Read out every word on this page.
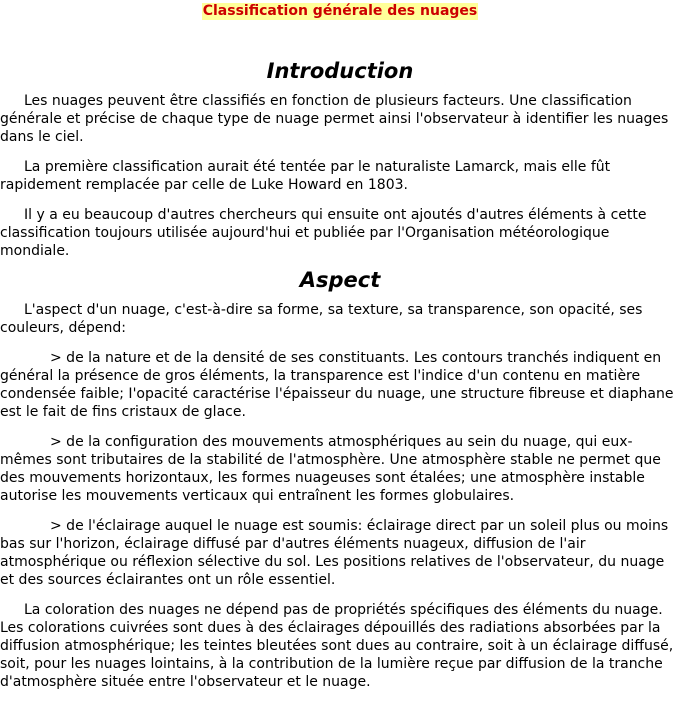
Classification générale des nuages
Introduction

Les nuages peuvent être classifiés en fonction de plusieurs facteurs. Une classification générale et précise de chaque type de nuage permet ainsi l'observateur à identifier les nuages dans le ciel.

La première classification aurait été tentée par le naturaliste Lamarck, mais elle fût rapidement remplacée par celle de Luke Howard en 1803.

Il y a eu beaucoup d'autres chercheurs qui ensuite ont ajoutés d'autres éléments à cette classification toujours utilisée aujourd'hui et publiée par l'Organisation météorologique mondiale.

Aspect

L'aspect d'un nuage, c'est-à-dire sa forme, sa texture, sa transparence, son opacité, ses couleurs, dépend:

> de la nature et de la densité de ses constituants. Les contours tranchés indiquent en général la présence de gros éléments, la transparence est l'indice d'un contenu en matière condensée faible; I'opacité caractérise l'épaisseur du nuage, une structure fibreuse et diaphane est le fait de fins cristaux de glace.

> de la configuration des mouvements atmosphériques au sein du nuage, qui eux-mêmes sont tributaires de la stabilité de l'atmosphère. Une atmosphère stable ne permet que des mouvements horizontaux, les formes nuageuses sont étalées; une atmosphère instable autorise les mouvements verticaux qui entraînent les formes globulaires.

> de l'éclairage auquel le nuage est soumis: éclairage direct par un soleil plus ou moins bas sur l'horizon, éclairage diffusé par d'autres éléments nuageux, diffusion de l'air atmosphérique ou réflexion sélective du sol. Les positions relatives de l'observateur, du nuage et des sources éclairantes ont un rôle essentiel.

La coloration des nuages ne dépend pas de propriétés spécifiques des éléments du nuage. Les colorations cuivrées sont dues à des éclairages dépouillés des radiations absorbées par la diffusion atmosphérique; les teintes bleutées sont dues au contraire, soit à un éclairage diffusé, soit, pour les nuages lointains, à la contribution de la lumière reçue par diffusion de la tranche d'atmosphère située entre l'observateur et le nuage.
